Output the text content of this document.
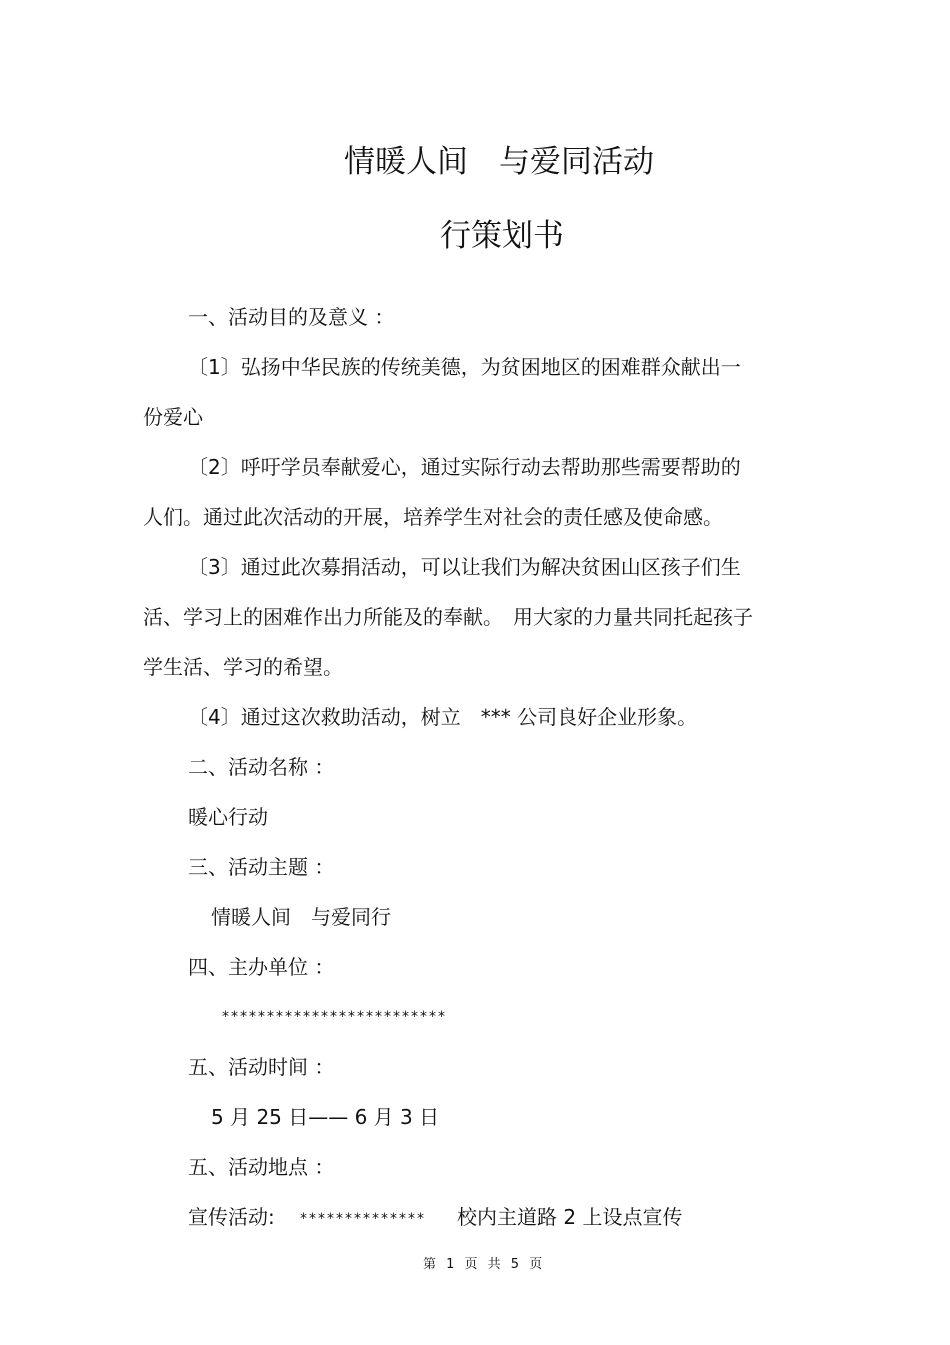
情暖人间　与爱同活动
行策划书
一、活动目的及意义 ：
〔1〕弘扬中华民族的传统美德，为贫困地区的困难群众献出一
份爱心
〔2〕呼吁学员奉献爱心，通过实际行动去帮助那些需要帮助的
人们。通过此次活动的开展，培养学生对社会的责任感及使命感。
〔3〕通过此次募捐活动，可以让我们为解决贫困山区孩子们生
活、学习上的困难作出力所能及的奉献。　用大家的力量共同托起孩子
学生活、学习的希望。
〔4〕通过这次救助活动，树立　*** 公司良好企业形象。
二、活动名称 ：
暖心行动
三、活动主题 ：
情暖人间　与爱同行
四、主办单位 ：
*************************
五、活动时间 ：
5 月 25 日—— 6 月 3 日
五、活动地点 ：
宣传活动: ************** 校内主道路 2 上设点宣传
第 1 页 共 5 页
